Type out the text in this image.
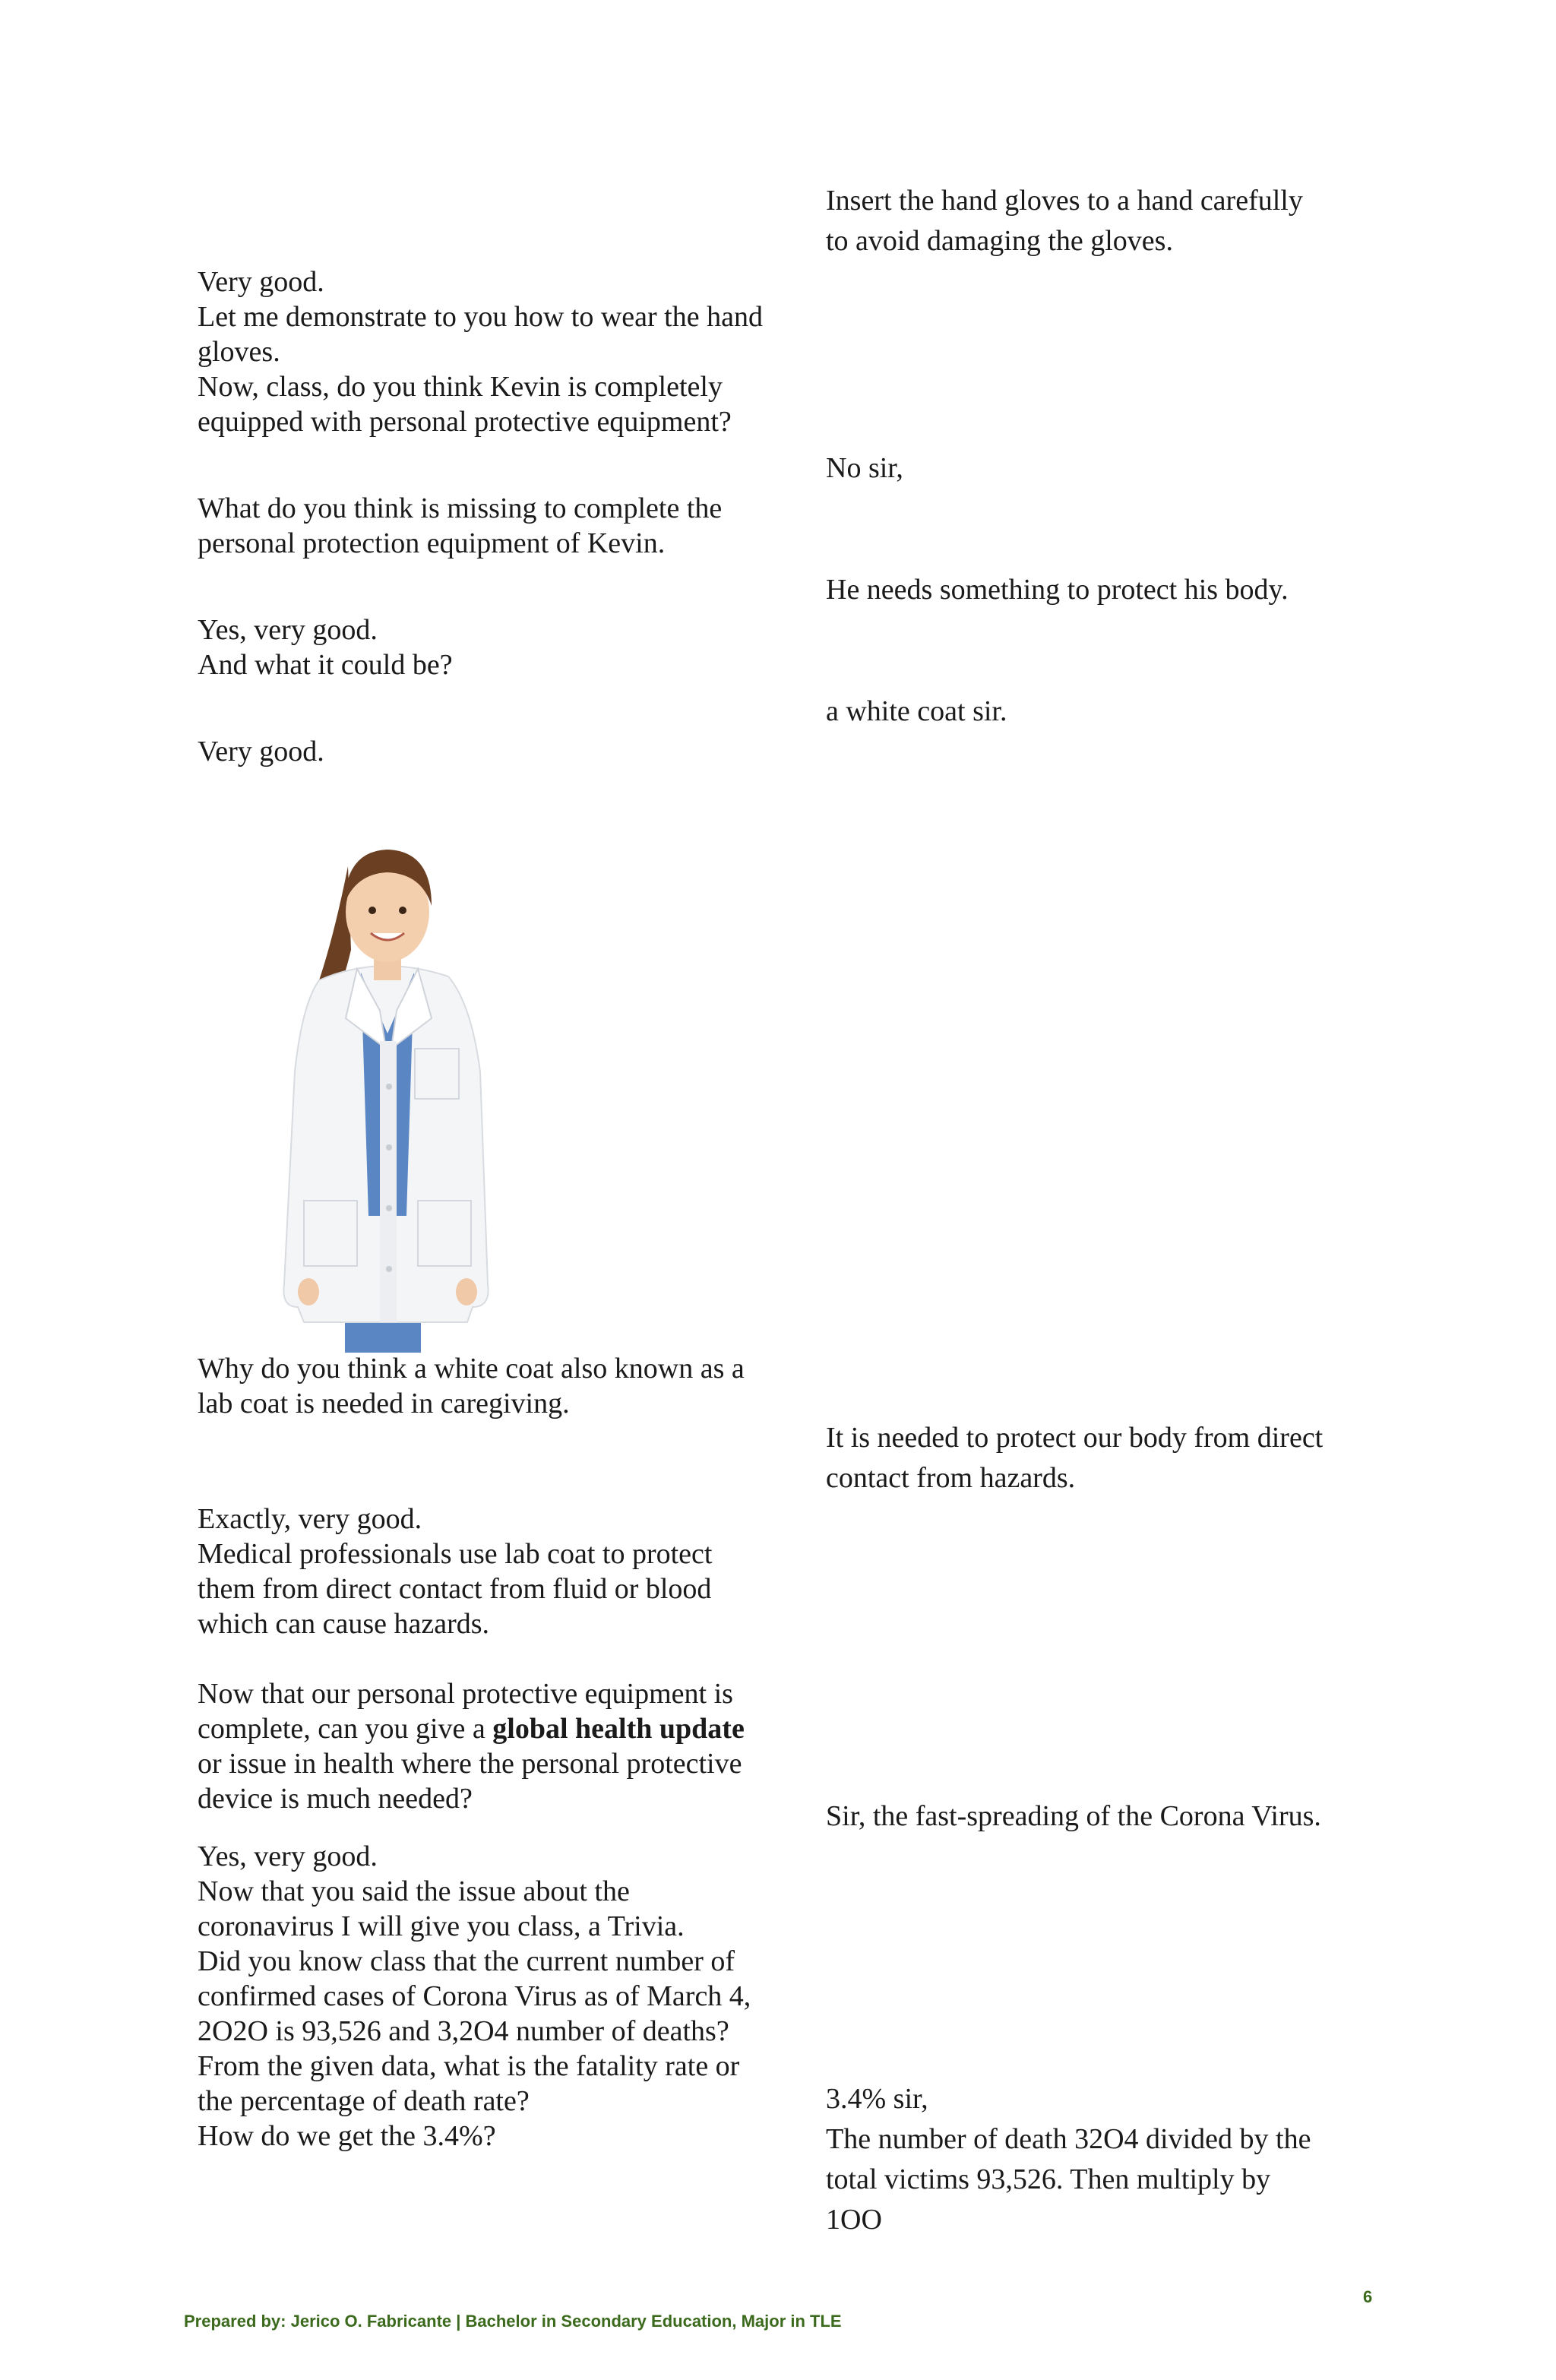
Very good.
Let me demonstrate to you how to wear the hand
gloves.
Now, class, do you think Kevin is completely
equipped with personal protective equipment?
What do you think is missing to complete the
personal protection equipment of Kevin.
Yes, very good.
And what it could be?
Very good.
Why do you think a white coat also known as a
lab coat is needed in caregiving.
Exactly, very good.
Medical professionals use lab coat to protect
them from direct contact from fluid or blood
which can cause hazards.
Now that our personal protective equipment is
complete, can you give a global health update
or issue in health where the personal protective
device is much needed?
Yes, very good.
Now that you said the issue about the
coronavirus I will give you class, a Trivia.
Did you know class that the current number of
confirmed cases of Corona Virus as of March 4,
2O2O is 93,526 and 3,2O4 number of deaths?
From the given data, what is the fatality rate or
the percentage of death rate?
How do we get the 3.4%?
Insert the hand gloves to a hand carefully
to avoid damaging the gloves.
No sir,
He needs something to protect his body.
a white coat sir.
It is needed to protect our body from direct
contact from hazards.
Sir, the fast-spreading of the Corona Virus.
3.4% sir,
The number of death 32O4 divided by the
total victims 93,526. Then multiply by
1OO
6
Prepared by: Jerico O. Fabricante | Bachelor in Secondary Education, Major in TLE
